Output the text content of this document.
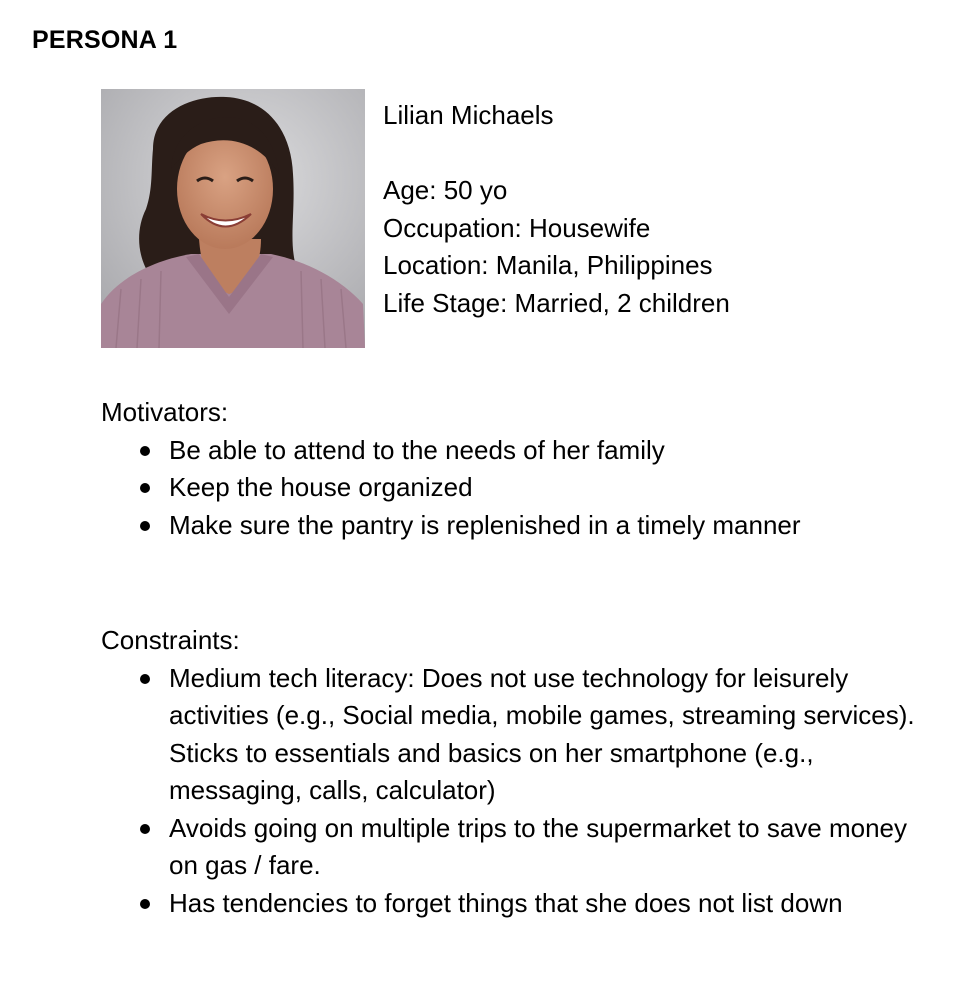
PERSONA 1
Lilian Michaels
Age: 50 yo
Occupation: Housewife
Location: Manila, Philippines
Life Stage: Married, 2 children
Motivators:
Be able to attend to the needs of her family
Keep the house organized
Make sure the pantry is replenished in a timely manner
Constraints:
Medium tech literacy: Does not use technology for leisurely activities (e.g., Social media, mobile games, streaming services). Sticks to essentials and basics on her smartphone (e.g., messaging, calls, calculator)
Avoids going on multiple trips to the supermarket to save money on gas / fare.
Has tendencies to forget things that she does not list down
